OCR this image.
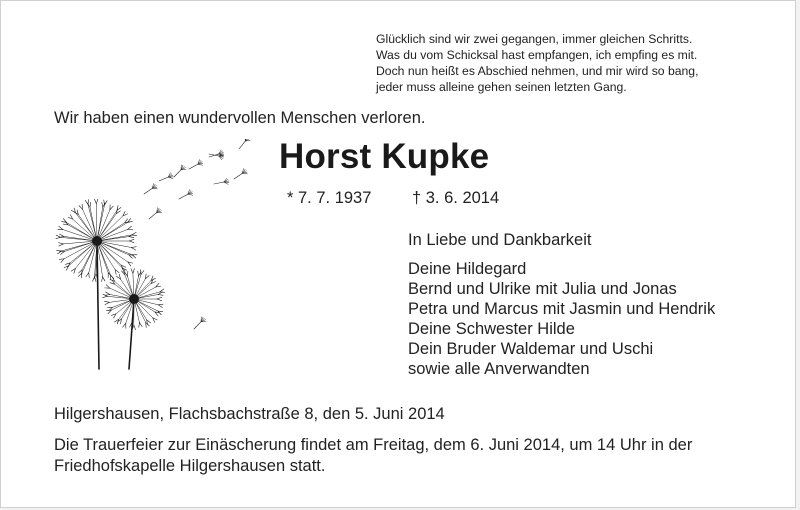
Glücklich sind wir zwei gegangen, immer gleichen Schritts.
Was du vom Schicksal hast empfangen, ich empfing es mit.
Doch nun heißt es Abschied nehmen, und mir wird so bang,
jeder muss alleine gehen seinen letzten Gang.
Wir haben einen wundervollen Menschen verloren.
Horst Kupke
* 7. 7. 1937 † 3. 6. 2014
In Liebe und Dankbarkeit
Deine Hildegard
Bernd und Ulrike mit Julia und Jonas
Petra und Marcus mit Jasmin und Hendrik
Deine Schwester Hilde
Dein Bruder Waldemar und Uschi
sowie alle Anverwandten
Hilgershausen, Flachsbachstraße 8, den 5. Juni 2014
Die Trauerfeier zur Einäscherung findet am Freitag, dem 6. Juni 2014, um 14 Uhr in der
Friedhofskapelle Hilgershausen statt.
